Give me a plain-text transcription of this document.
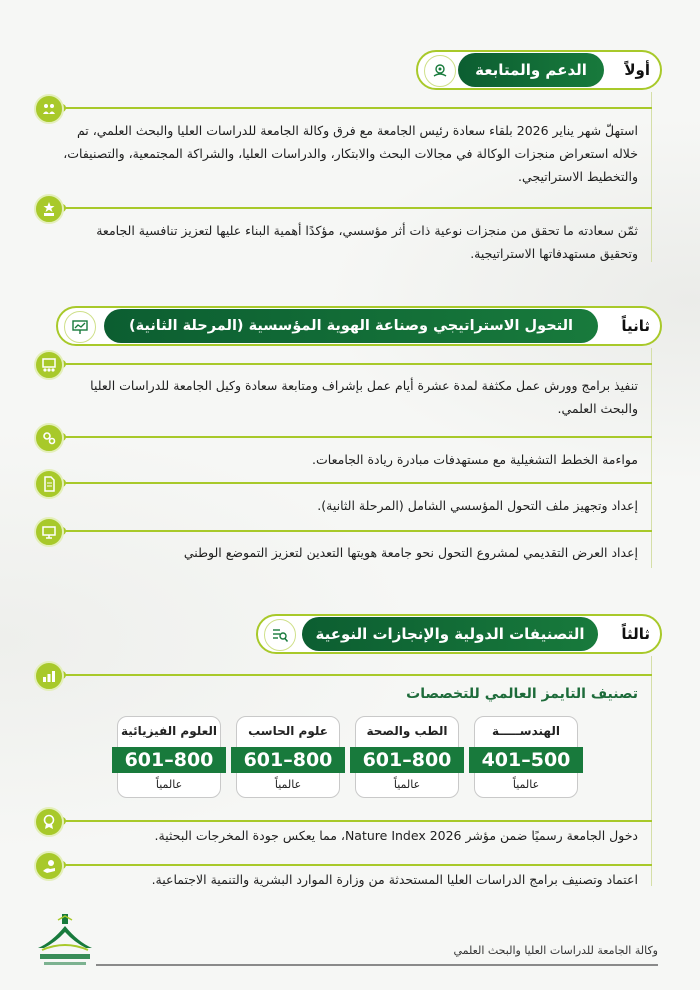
أولاً
الدعم والمتابعة
استهلّ شهر يناير 2026 بلقاء سعادة رئيس الجامعة مع فرق وكالة الجامعة للدراسات العليا والبحث العلمي، تم خلاله استعراض منجزات الوكالة في مجالات البحث والابتكار، والدراسات العليا، والشراكة المجتمعية، والتصنيفات، والتخطيط الاستراتيجي.
ثمّن سعادته ما تحقق من منجزات نوعية ذات أثر مؤسسي، مؤكدًا أهمية البناء عليها لتعزيز تنافسية الجامعة وتحقيق مستهدفاتها الاستراتيجية.
ثانياً
التحول الاستراتيجي وصناعة الهوية المؤسسية (المرحلة الثانية)
تنفيذ برامج وورش عمل مكثفة لمدة عشرة أيام عمل بإشراف ومتابعة سعادة وكيل الجامعة للدراسات العليا والبحث العلمي.
مواءمة الخطط التشغيلية مع مستهدفات مبادرة ريادة الجامعات.
إعداد وتجهيز ملف التحول المؤسسي الشامل (المرحلة الثانية).
إعداد العرض التقديمي لمشروع التحول نحو جامعة هويتها التعدين لتعزيز التموضع الوطني
ثالثاً
التصنيفات الدولية والإنجازات النوعية
تصنيف التايمز العالمي للتخصصات
الهندســـــة
401–500
عالمياً
الطب والصحة
601–800
عالمياً
علوم الحاسب
601–800
عالمياً
العلوم الفيزيائية
601–800
عالمياً
دخول الجامعة رسميًا ضمن مؤشر Nature Index 2026، مما يعكس جودة المخرجات البحثية.
اعتماد وتصنيف برامج الدراسات العليا المستحدثة من وزارة الموارد البشرية والتنمية الاجتماعية.
وكالة الجامعة للدراسات العليا والبحث العلمي
